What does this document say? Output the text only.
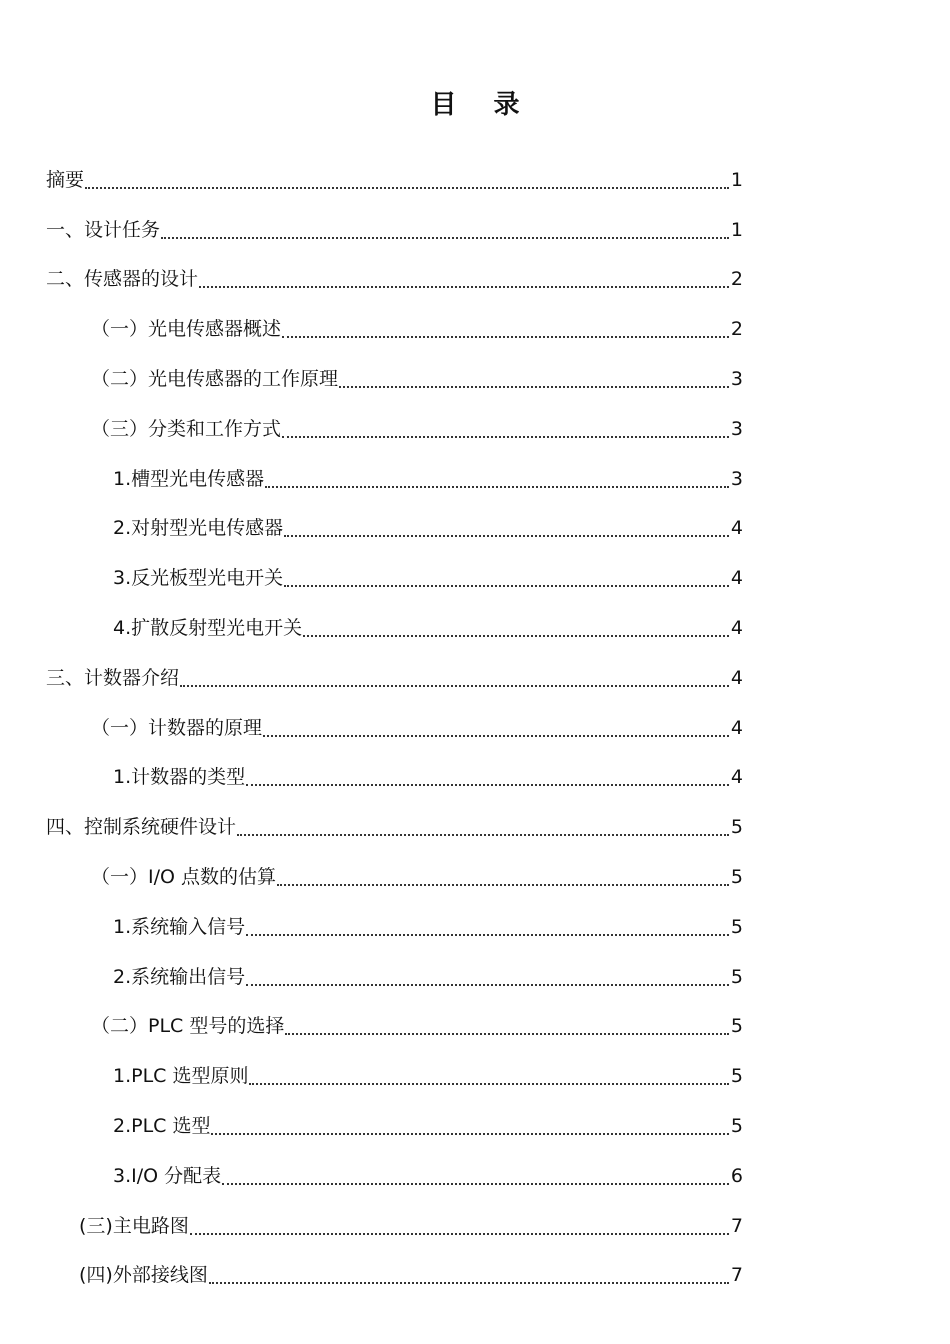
目 录
摘要	1
一、设计任务	1
二、传感器的设计	2
（一）光电传感器概述	2
（二）光电传感器的工作原理	3
（三）分类和工作方式	3
1.槽型光电传感器	3
2.对射型光电传感器	4
3.反光板型光电开关	4
4.扩散反射型光电开关	4
三、计数器介绍	4
（一）计数器的原理	4
1.计数器的类型	4
四、控制系统硬件设计	5
（一）I/O 点数的估算	5
1.系统输入信号	5
2.系统输出信号	5
（二）PLC 型号的选择	5
1.PLC 选型原则	5
2.PLC 选型	5
3.I/O 分配表	6
(三)主电路图	7
(四)外部接线图	7
